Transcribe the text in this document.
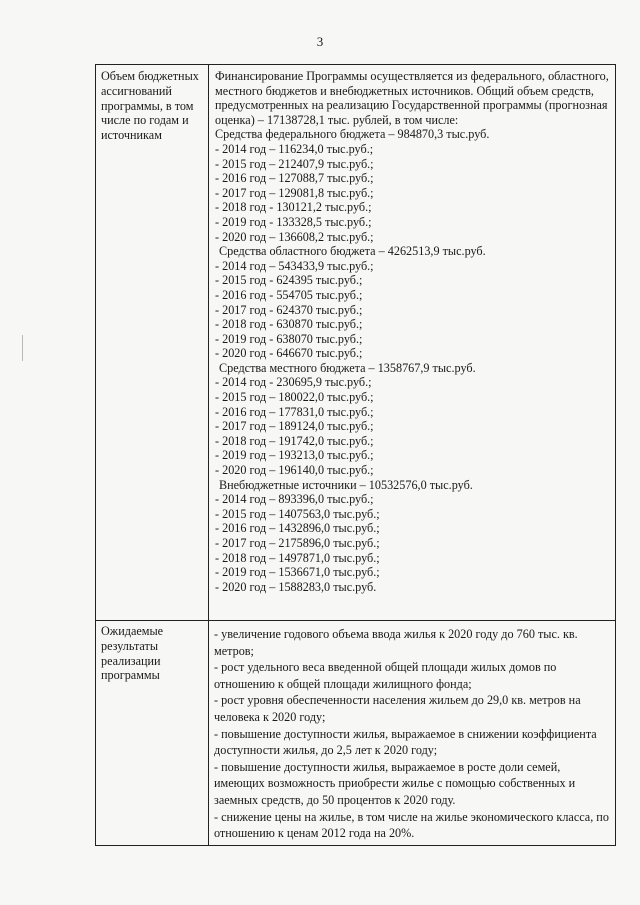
3
Объем бюджетных ассигнований программы, в том числе по годам и источникам

Финансирование Программы осуществляется из федерального, областного, местного бюджетов и внебюджетных источников. Общий объем средств, предусмотренных на реализацию Государственной программы (прогнозная оценка) – 17138728,1 тыс. рублей, в том числе:

Средства федерального бюджета – 984870,3 тыс.руб.

- 2014 год – 116234,0 тыс.руб.;

- 2015 год – 212407,9 тыс.руб.;

- 2016 год – 127088,7 тыс.руб.;

- 2017 год – 129081,8 тыс.руб.;

- 2018 год - 130121,2 тыс.руб.;

- 2019 год - 133328,5 тыс.руб.;

- 2020 год – 136608,2 тыс.руб.;

Средства областного бюджета – 4262513,9 тыс.руб.

- 2014 год – 543433,9 тыс.руб.;

- 2015 год - 624395 тыс.руб.;

- 2016 год - 554705 тыс.руб.;

- 2017 год - 624370 тыс.руб.;

- 2018 год - 630870 тыс.руб.;

- 2019 год - 638070 тыс.руб.;

- 2020 год - 646670 тыс.руб.;

Средства местного бюджета – 1358767,9 тыс.руб.

- 2014 год - 230695,9 тыс.руб.;

- 2015 год – 180022,0 тыс.руб.;

- 2016 год – 177831,0 тыс.руб.;

- 2017 год – 189124,0 тыс.руб.;

- 2018 год – 191742,0 тыс.руб.;

- 2019 год – 193213,0 тыс.руб.;

- 2020 год – 196140,0 тыс.руб.;

Внебюджетные источники – 10532576,0 тыс.руб.

- 2014 год – 893396,0 тыс.руб.;

- 2015 год – 1407563,0 тыс.руб.;

- 2016 год – 1432896,0 тыс.руб.;

- 2017 год – 2175896,0 тыс.руб.;

- 2018 год – 1497871,0 тыс.руб.;

- 2019 год – 1536671,0 тыс.руб.;

- 2020 год – 1588283,0 тыс.руб.

Ожидаемые результаты реализации программы

- увеличение годового объема ввода жилья к 2020 году до 760 тыс. кв. метров;

- рост удельного веса введенной общей площади жилых домов по отношению к общей площади жилищного фонда;

- рост уровня обеспеченности населения жильем до 29,0 кв. метров на человека к 2020 году;

- повышение доступности жилья, выражаемое в снижении коэффициента доступности жилья, до 2,5 лет к 2020 году;

- повышение доступности жилья, выражаемое в росте доли семей, имеющих возможность приобрести жилье с помощью собственных и заемных средств, до 50 процентов к 2020 году.

- снижение цены на жилье, в том числе на жилье экономического класса, по отношению к ценам 2012 года на 20%.
